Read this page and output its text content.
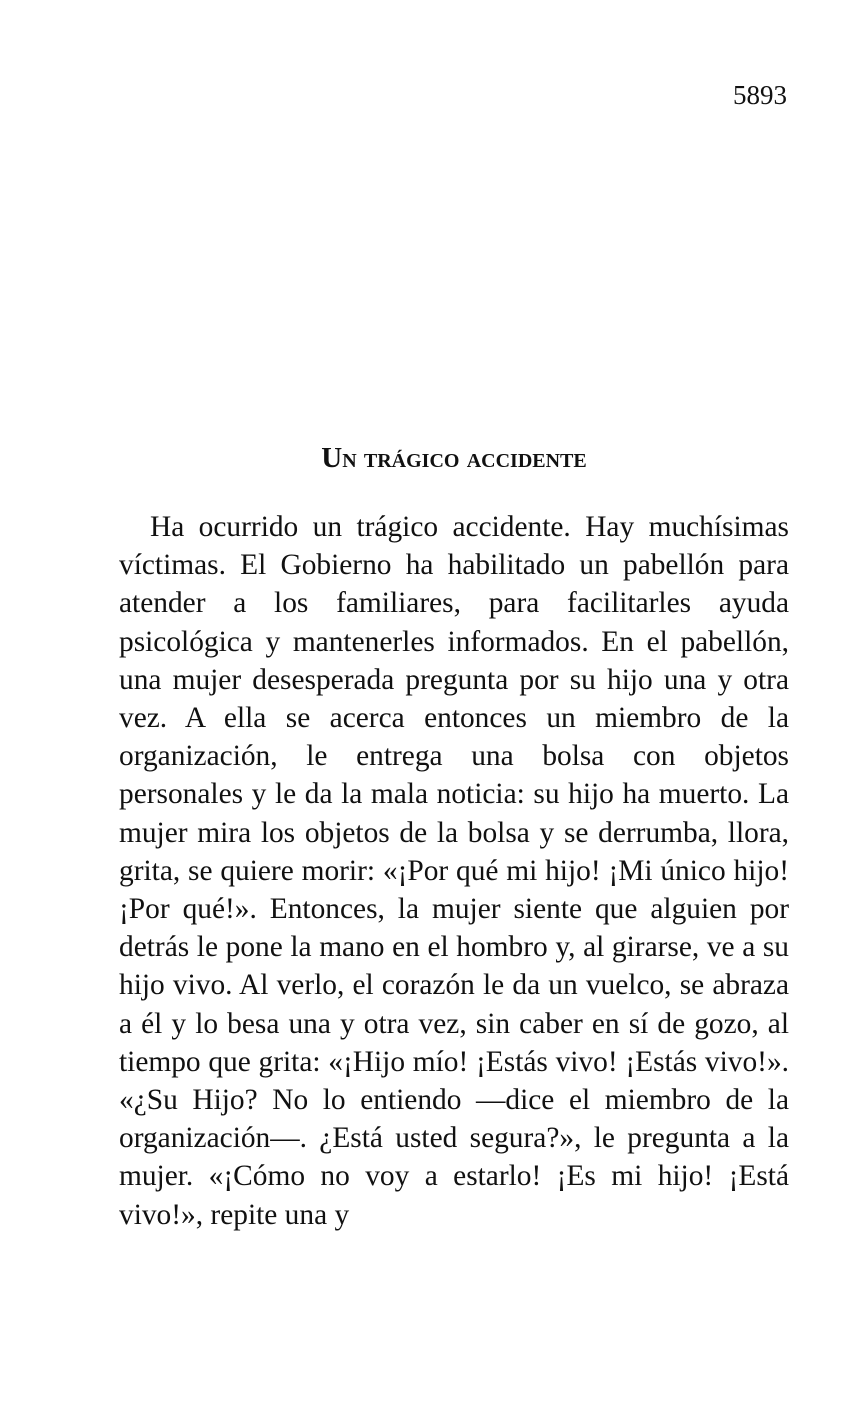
5893

Un trágico accidente

Ha ocurrido un trágico accidente. Hay muchísimas víctimas. El Gobierno ha habilitado un pabellón para atender a los familiares, para facilitarles ayuda psicológica y mantenerles informados. En el pabellón, una mujer desesperada pregunta por su hijo una y otra vez. A ella se acerca entonces un miembro de la organización, le entrega una bolsa con objetos personales y le da la mala noticia: su hijo ha muerto. La mujer mira los objetos de la bolsa y se derrumba, llora, grita, se quiere morir: «¡Por qué mi hijo! ¡Mi único hijo! ¡Por qué!». Entonces, la mujer siente que alguien por detrás le pone la mano en el hombro y, al girarse, ve a su hijo vivo. Al verlo, el corazón le da un vuelco, se abraza a él y lo besa una y otra vez, sin caber en sí de gozo, al tiempo que grita: «¡Hijo mío! ¡Estás vivo! ¡Estás vivo!». «¿Su Hijo? No lo entiendo —dice el miembro de la organización—. ¿Está usted segura?», le pregunta a la mujer. «¡Cómo no voy a estarlo! ¡Es mi hijo! ¡Está vivo!», repite una y
